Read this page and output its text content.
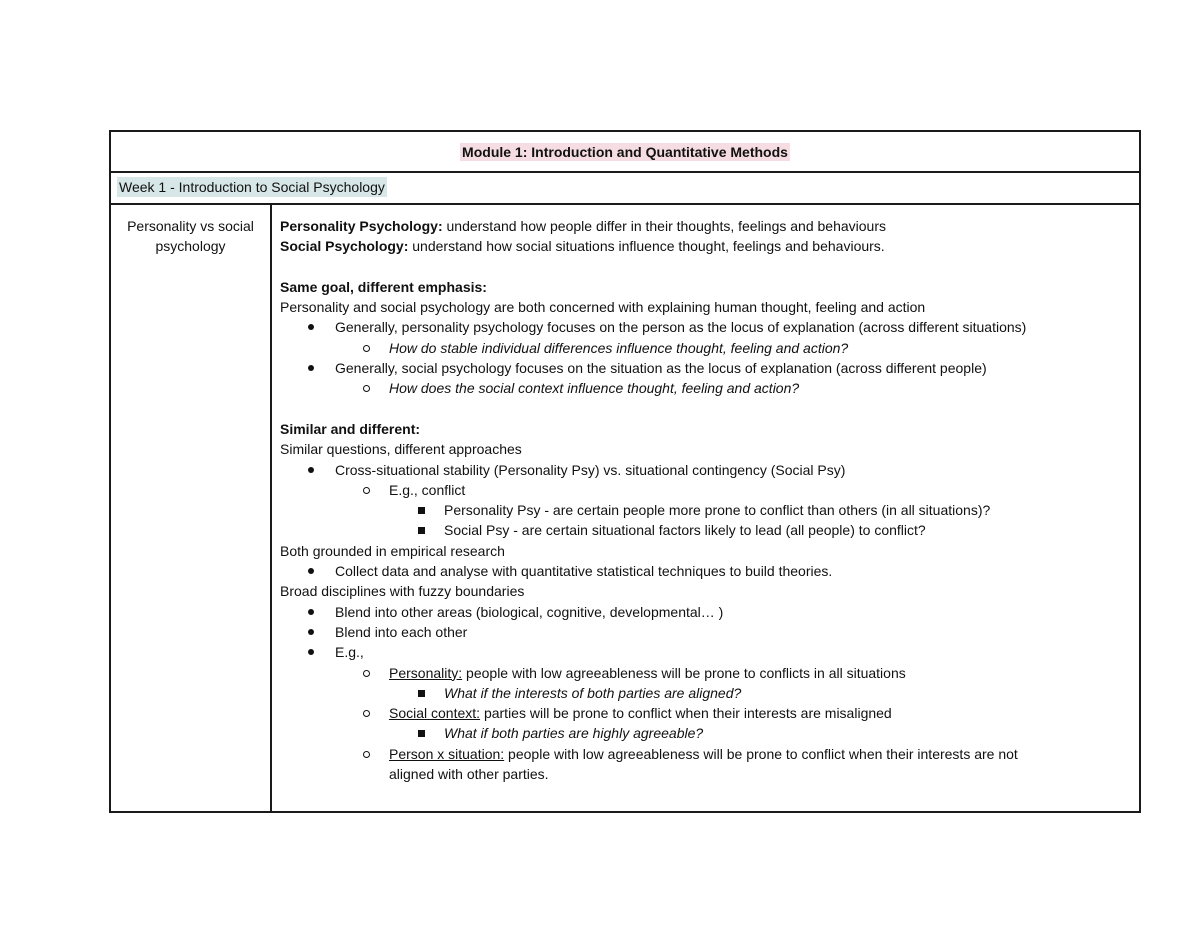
Module 1: Introduction and Quantitative Methods
Week 1 - Introduction to Social Psychology
Personality vs social psychology
Personality Psychology: understand how people differ in their thoughts, feelings and behaviours
Social Psychology: understand how social situations influence thought, feelings and behaviours.
Same goal, different emphasis:
Personality and social psychology are both concerned with explaining human thought, feeling and action
Generally, personality psychology focuses on the person as the locus of explanation (across different situations)
How do stable individual differences influence thought, feeling and action?
Generally, social psychology focuses on the situation as the locus of explanation (across different people)
How does the social context influence thought, feeling and action?
Similar and different:
Similar questions, different approaches
Cross-situational stability (Personality Psy) vs. situational contingency (Social Psy)
E.g., conflict
Personality Psy - are certain people more prone to conflict than others (in all situations)?
Social Psy - are certain situational factors likely to lead (all people) to conflict?
Both grounded in empirical research
Collect data and analyse with quantitative statistical techniques to build theories.
Broad disciplines with fuzzy boundaries
Blend into other areas (biological, cognitive, developmental… )
Blend into each other
E.g.,
Personality: people with low agreeableness will be prone to conflicts in all situations
What if the interests of both parties are aligned?
Social context: parties will be prone to conflict when their interests are misaligned
What if both parties are highly agreeable?
Person x situation: people with low agreeableness will be prone to conflict when their interests are not
aligned with other parties.
